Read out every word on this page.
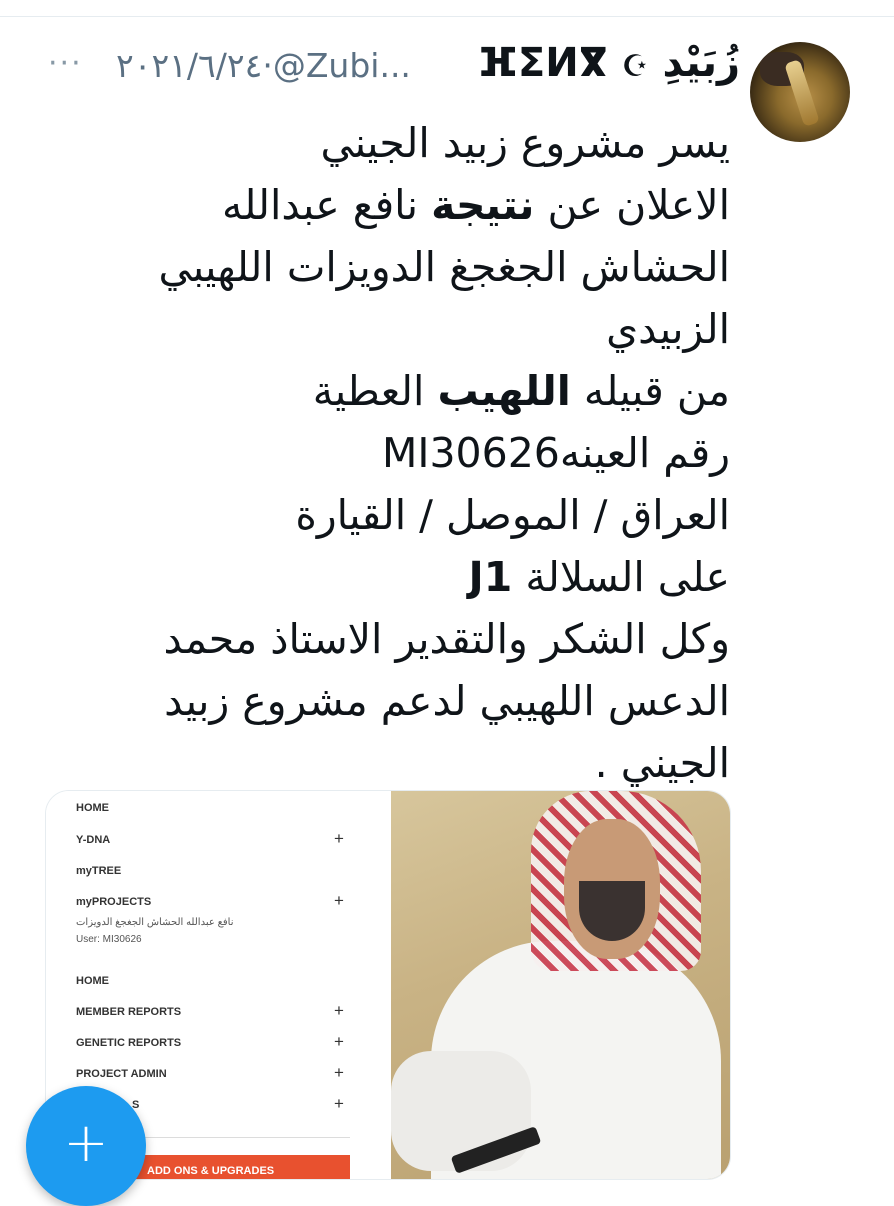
··· ٢٠٢١/٦/٢٤·@Zubi... ⴼⵉⵍⴳ ☪ زُبَيْدِ
يسر مشروع زبيد الجيني
الاعلان عن نتيجة نافع عبدالله
الحشاش الجغجغ الدويزات اللهيبي
الزبيدي
من قبيله اللهيب العطية
رقم العينهMI30626
العراق / الموصل / القيارة
على السلالة J1
وكل الشكر والتقدير الاستاذ محمد
الدعس اللهيبي لدعم مشروع زبيد
الجيني .
HOME
Y-DNA	+
myTREE
myPROJECTS	+
نافع عبدالله الحشاش الجغجغ الدويزات
User: MI30626
HOME
MEMBER REPORTS	+
GENETIC REPORTS	+
PROJECT ADMIN	+
S	+
ADD ONS & UPGRADES
+
